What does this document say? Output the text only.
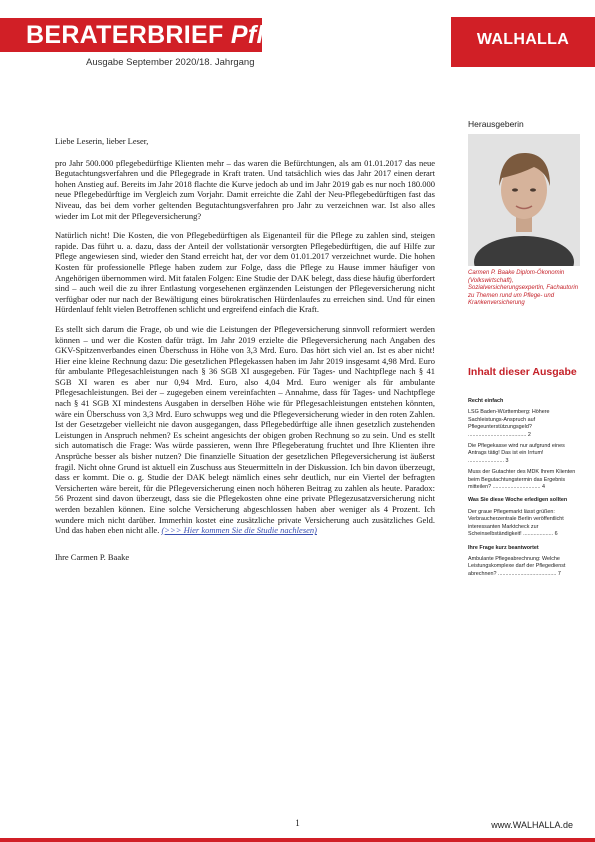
BERATERBRIEF Pflege	WALHALLA
Ausgabe September 2020/18. Jahrgang

Liebe Leserin, lieber Leser,

pro Jahr 500.000 pflegebedürftige Klienten mehr – das waren die Befürchtungen, als am 01.01.2017 das neue Begutachtungsverfahren und die Pflegegrade in Kraft traten. Und tatsächlich wies das Jahr 2017 einen derart hohen Anstieg auf. Bereits im Jahr 2018 flachte die Kurve jedoch ab und im Jahr 2019 gab es nur noch 180.000 neue Pflegebedürftige im Vergleich zum Vorjahr. Damit erreichte die Zahl der Neu-Pflegebedürftigen fast das Niveau, das bei dem vorher geltenden Begutachtungsverfahren pro Jahr zu verzeichnen war. Ist also alles wieder im Lot mit der Pflegeversicherung?

Natürlich nicht! Die Kosten, die von Pflegebedürftigen als Eigenanteil für die Pflege zu zahlen sind, steigen rapide. Das führt u. a. dazu, dass der Anteil der vollstationär versorgten Pflegebedürftigen, die auf Hilfe zur Pflege angewiesen sind, wieder den Stand erreicht hat, der vor dem 01.01.2017 verzeichnet wurde. Die hohen Kosten für professionelle Pflege haben zudem zur Folge, dass die Pflege zu Hause immer häufiger von Angehörigen übernommen wird. Mit fatalen Folgen: Eine Studie der DAK belegt, dass diese häufig überfordert sind – auch weil die zu ihrer Entlastung vorgesehenen ergänzenden Leistungen der Pflegeversicherung nicht verfügbar oder nur nach der Bewältigung eines bürokratischen Hürdenlaufes zu erreichen sind. Und für einen Hürdenlauf fehlt vielen Betroffenen schlicht und ergreifend einfach die Kraft.

Es stellt sich darum die Frage, ob und wie die Leistungen der Pflegeversicherung sinnvoll reformiert werden können – und wer die Kosten dafür trägt. Im Jahr 2019 erzielte die Pflegeversicherung nach Angaben des GKV-Spitzenverbandes einen Überschuss in Höhe von 3,3 Mrd. Euro. Das hört sich viel an. Ist es aber nicht! Hier eine kleine Rechnung dazu: Die gesetzlichen Pflegekassen haben im Jahr 2019 insgesamt 4,98 Mrd. Euro für ambulante Pflegesachleistungen nach § 36 SGB XI ausgegeben. Für Tages- und Nachtpflege nach § 41 SGB XI waren es aber nur 0,94 Mrd. Euro, also 4,04 Mrd. Euro weniger als für ambulante Pflegesachleistungen. Bei der – zugegeben einem vereinfachten – Annahme, dass für Tages- und Nachtpflege nach § 41 SGB XI mindestens Ausgaben in derselben Höhe wie für Pflegesachleistungen entstehen könnten, wäre ein Überschuss von 3,3 Mrd. Euro schwupps weg und die Pflegeversicherung wieder in den roten Zahlen. Ist der Gesetzgeber vielleicht nie davon ausgegangen, dass Pflegebedürftige alle ihnen gesetzlich zustehenden Leistungen in Anspruch nehmen? Es scheint angesichts der obigen groben Rechnung so zu sein. Und es stellt sich automatisch die Frage: Was würde passieren, wenn Ihre Pflegeberatung fruchtet und Ihre Klienten ihre Ansprüche besser als bisher nutzen? Die finanzielle Situation der gesetzlichen Pflegeversicherung ist äußerst fragil. Nicht ohne Grund ist aktuell ein Zuschuss aus Steuermitteln in der Diskussion. Ich bin davon überzeugt, dass er kommt. Die o. g. Studie der DAK belegt nämlich eines sehr deutlich, nur ein Viertel der befragten Versicherten wäre bereit, für die Pflegeversicherung einen noch höheren Beitrag zu zahlen als heute. Paradox: 56 Prozent sind davon überzeugt, dass sie die Pflegekosten ohne eine private Pflegezusatzversicherung nicht werden bezahlen können. Eine solche Versicherung abgeschlossen haben aber weniger als 4 Prozent. Ich wundere mich nicht darüber. Immerhin kostet eine zusätzliche private Versicherung auch zusätzliches Geld. Und das haben eben nicht alle. (>>> Hier kommen Sie die Studie nachlesen)

Ihre Carmen P. Baake

Herausgeberin
Carmen P. Baake Diplom-Ökonomin (Volkswirtschaft), Sozialversicherungsexpertin, Fachautorin zu Themen rund um Pflege- und Krankenversicherung
Inhalt dieser Ausgabe
Recht einfach
LSG Baden-Württemberg: Höhere Sachleistungs-Anspruch auf Pflegeunterstützungsgeld? ....................................... 2
Die Pflegekasse wird nur aufgrund eines Antrags tätig! Das ist ein Irrtum! ........................ 3
Muss der Gutachter des MDK Ihrem Klienten beim Begutachtungstermin das Ergebnis mitteilen? ................................ 4
Was Sie diese Woche erledigen sollten
Der graue Pflegemarkt lässt grüßen: Verbraucherzentrale Berlin veröffentlicht interessanten Marktcheck zur Scheinselbständigkeit! .................... 6
Ihre Frage kurz beantwortet
Ambulante Pflegeabrechnung: Welche Leistungskomplexe darf der Pflegedienst abrechnen? ....................................... 7
1	www.WALHALLA.de
